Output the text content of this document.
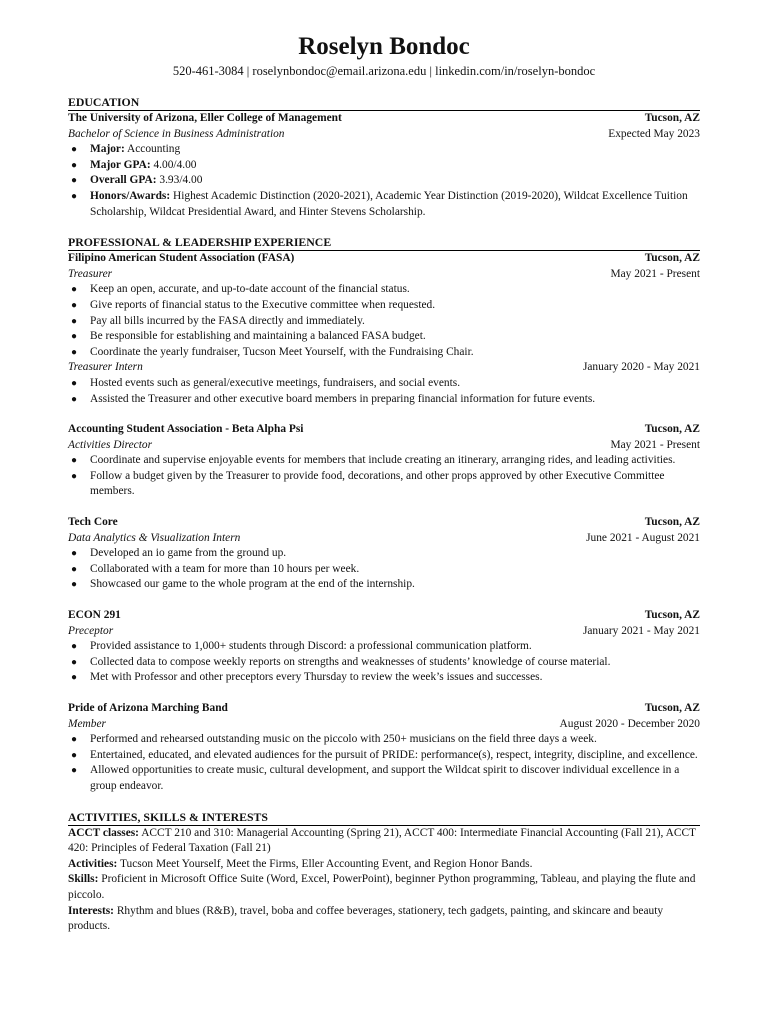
Roselyn Bondoc
520-461-3084 | roselynbondoc@email.arizona.edu | linkedin.com/in/roselyn-bondoc
EDUCATION
The University of Arizona, Eller College of Management	Tucson, AZ
Bachelor of Science in Business Administration	Expected May 2023
● Major: Accounting
● Major GPA: 4.00/4.00
● Overall GPA: 3.93/4.00
● Honors/Awards: Highest Academic Distinction (2020-2021), Academic Year Distinction (2019-2020), Wildcat Excellence Tuition Scholarship, Wildcat Presidential Award, and Hinter Stevens Scholarship.
PROFESSIONAL & LEADERSHIP EXPERIENCE
Filipino American Student Association (FASA)	Tucson, AZ
Treasurer	May 2021 - Present
● Keep an open, accurate, and up-to-date account of the financial status.
● Give reports of financial status to the Executive committee when requested.
● Pay all bills incurred by the FASA directly and immediately.
● Be responsible for establishing and maintaining a balanced FASA budget.
● Coordinate the yearly fundraiser, Tucson Meet Yourself, with the Fundraising Chair.
Treasurer Intern	January 2020 - May 2021
● Hosted events such as general/executive meetings, fundraisers, and social events.
● Assisted the Treasurer and other executive board members in preparing financial information for future events.
Accounting Student Association - Beta Alpha Psi	Tucson, AZ
Activities Director	May 2021 - Present
● Coordinate and supervise enjoyable events for members that include creating an itinerary, arranging rides, and leading activities.
● Follow a budget given by the Treasurer to provide food, decorations, and other props approved by other Executive Committee members.
Tech Core	Tucson, AZ
Data Analytics & Visualization Intern	June 2021 - August 2021
● Developed an io game from the ground up.
● Collaborated with a team for more than 10 hours per week.
● Showcased our game to the whole program at the end of the internship.
ECON 291	Tucson, AZ
Preceptor	January 2021 - May 2021
● Provided assistance to 1,000+ students through Discord: a professional communication platform.
● Collected data to compose weekly reports on strengths and weaknesses of students’ knowledge of course material.
● Met with Professor and other preceptors every Thursday to review the week’s issues and successes.
Pride of Arizona Marching Band	Tucson, AZ
Member	August 2020 - December 2020
● Performed and rehearsed outstanding music on the piccolo with 250+ musicians on the field three days a week.
● Entertained, educated, and elevated audiences for the pursuit of PRIDE: performance(s), respect, integrity, discipline, and excellence.
● Allowed opportunities to create music, cultural development, and support the Wildcat spirit to discover individual excellence in a group endeavor.
ACTIVITIES, SKILLS & INTERESTS

ACCT classes: ACCT 210 and 310: Managerial Accounting (Spring 21), ACCT 400: Intermediate Financial Accounting (Fall 21), ACCT 420: Principles of Federal Taxation (Fall 21)

Activities: Tucson Meet Yourself, Meet the Firms, Eller Accounting Event, and Region Honor Bands.

Skills: Proficient in Microsoft Office Suite (Word, Excel, PowerPoint), beginner Python programming, Tableau, and playing the flute and piccolo.

Interests: Rhythm and blues (R&B), travel, boba and coffee beverages, stationery, tech gadgets, painting, and skincare and beauty products.
